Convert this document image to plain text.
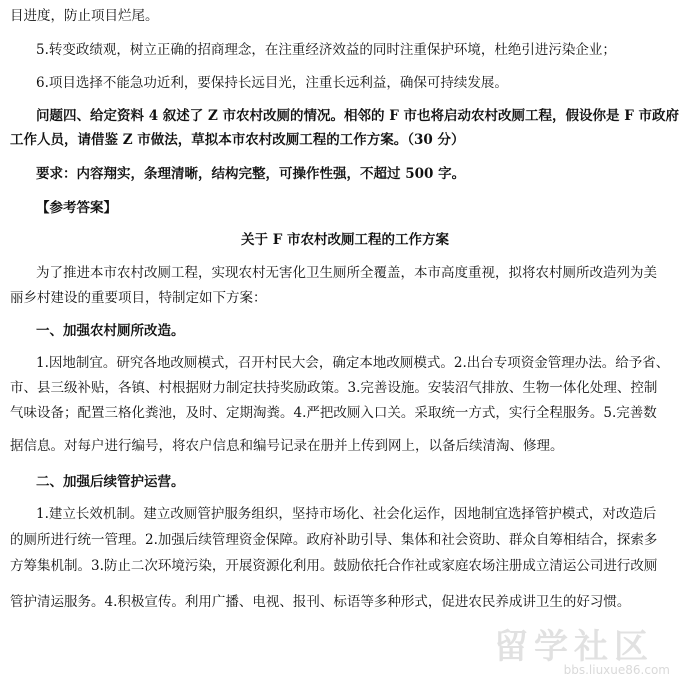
目进度，防止项目烂尾。
5.转变政绩观，树立正确的招商理念，在注重经济效益的同时注重保护环境，杜绝引进污染企业；
6.项目选择不能急功近利，要保持长远目光，注重长远利益，确保可持续发展。
问题四、给定资料 4 叙述了 Z 市农村改厕的情况。相邻的 F 市也将启动农村改厕工程，假设你是 F 市政府
工作人员，请借鉴 Z 市做法，草拟本市农村改厕工程的工作方案。（30 分）
要求：内容翔实，条理清晰，结构完整，可操作性强，不超过 500 字。
【参考答案】
关于 F 市农村改厕工程的工作方案
为了推进本市农村改厕工程，实现农村无害化卫生厕所全覆盖，本市高度重视，拟将农村厕所改造列为美
丽乡村建设的重要项目，特制定如下方案：
一、加强农村厕所改造。
1.因地制宜。研究各地改厕模式，召开村民大会，确定本地改厕模式。2.出台专项资金管理办法。给予省、
市、县三级补贴，各镇、村根据财力制定扶持奖励政策。3.完善设施。安装沼气排放、生物一体化处理、控制
气味设备；配置三格化粪池，及时、定期淘粪。4.严把改厕入口关。采取统一方式，实行全程服务。5.完善数
据信息。对每户进行编号，将农户信息和编号记录在册并上传到网上，以备后续清淘、修理。
二、加强后续管护运营。
1.建立长效机制。建立改厕管护服务组织，坚持市场化、社会化运作，因地制宜选择管护模式，对改造后
的厕所进行统一管理。2.加强后续管理资金保障。政府补助引导、集体和社会资助、群众自筹相结合，探索多
方筹集机制。3.防止二次环境污染，开展资源化利用。鼓励依托合作社或家庭农场注册成立清运公司进行改厕
管护清运服务。4.积极宣传。利用广播、电视、报刊、标语等多种形式，促进农民养成讲卫生的好习惯。
留学社区
bbs.liuxue86.com
